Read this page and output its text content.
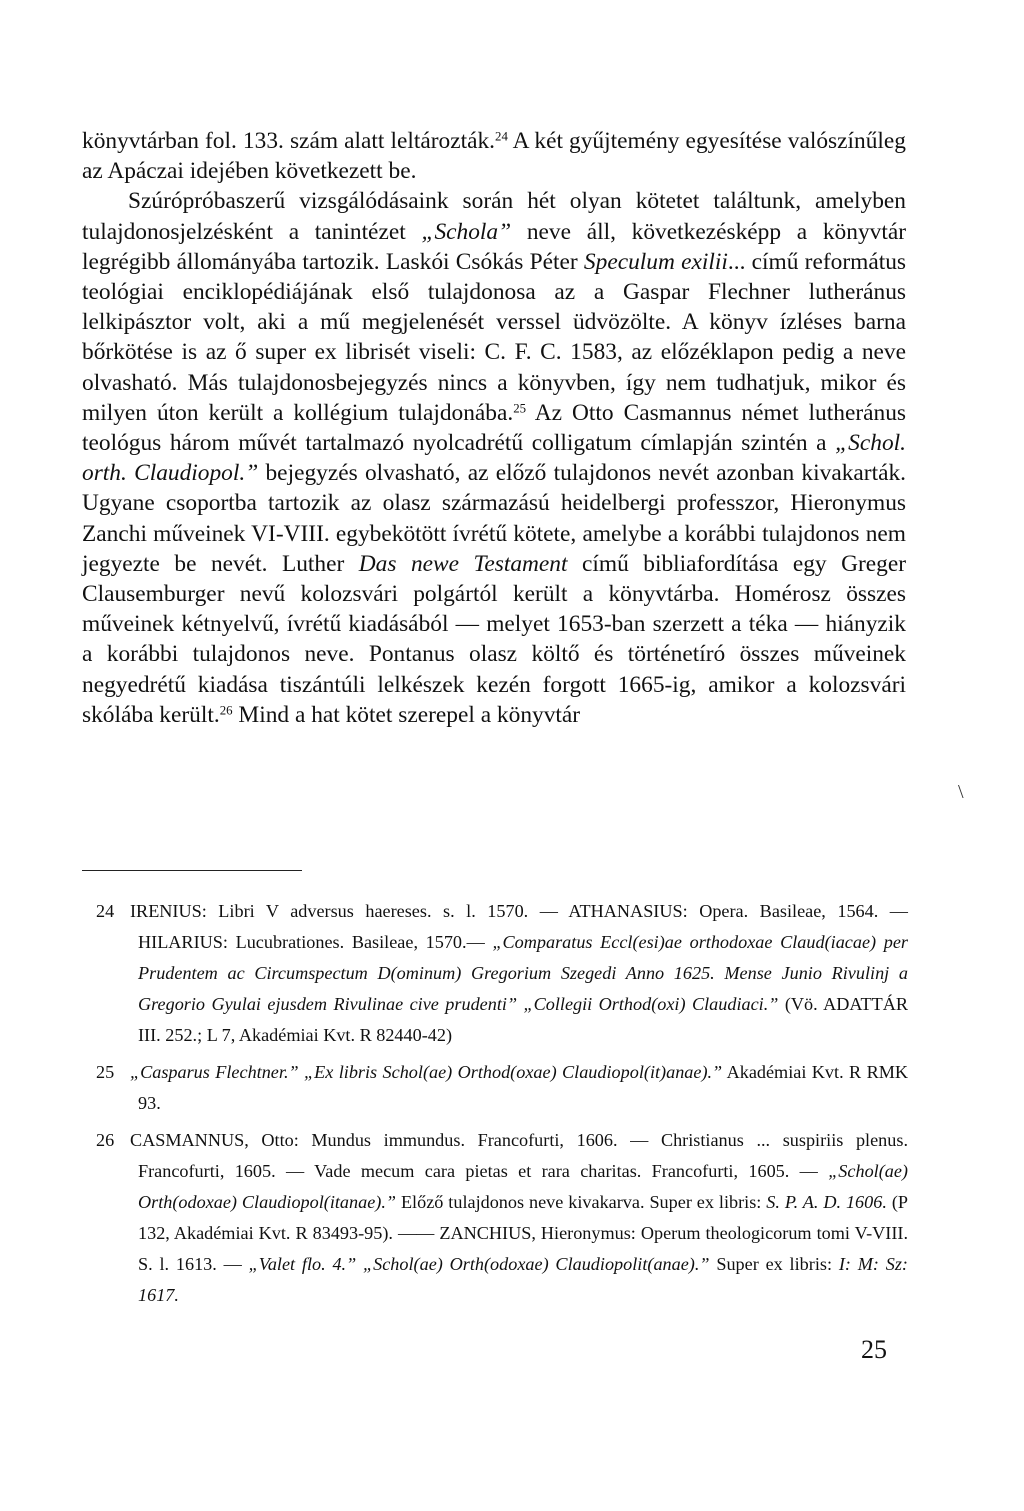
könyvtárban fol. 133. szám alatt leltározták.$^{24}$ A két gyűjtemény egyesítése valószínűleg az Apáczai idejében következett be.

Szúrópróbaszerű vizsgálódásaink során hét olyan kötetet találtunk, amelyben tulajdonosjelzésként a tanintézet „Schola” neve áll, következésképp a könyvtár legrégibb állományába tartozik. Laskói Csókás Péter Speculum exilii... című református teológiai enciklopédiájának első tulajdonosa az a Gaspar Flechner lutheránus lelkipásztor volt, aki a mű megjelenését verssel üdvözölte. A könyv ízléses barna bőrkötése is az ő super ex librisét viseli: C. F. C. 1583, az előzéklapon pedig a neve olvasható. Más tulajdonosbejegyzés nincs a könyvben, így nem tudhatjuk, mikor és milyen úton került a kollégium tulajdonába.$^{25}$ Az Otto Casmannus német lutheránus teológus három művét tartalmazó nyolcadrétű colligatum címlapján szintén a „Schol. orth. Claudiopol.” bejegyzés olvasható, az előző tulajdonos nevét azonban kivakarták. Ugyane csoportba tartozik az olasz származású heidelbergi professzor, Hieronymus Zanchi műveinek VI-VIII. egybekötött ívrétű kötete, amelybe a korábbi tulajdonos nem jegyezte be nevét. Luther Das newe Testament című bibliafordítása egy Greger Clausemburger nevű kolozsvári polgártól került a könyvtárba. Homérosz összes műveinek kétnyelvű, ívrétű kiadásából — melyet 1653-ban szerzett a téka — hiányzik a korábbi tulajdonos neve. Pontanus olasz költő és történetíró összes műveinek negyedrétű kiadása tiszántúli lelkészek kezén forgott 1665-ig, amikor a kolozsvári skólába került.$^{26}$ Mind a hat kötet szerepel a könyvtár

\

24 IRENIUS: Libri V adversus haereses. s. l. 1570. — ATHANASIUS: Opera. Basileae, 1564. — HILARIUS: Lucubrationes. Basileae, 1570.— „Comparatus Eccl(esi)ae orthodoxae Claud(iacae) per Prudentem ac Circumspectum D(ominum) Gregorium Szegedi Anno 1625. Mense Junio Rivulinj a Gregorio Gyulai ejusdem Rivulinae cive prudenti” „Collegii Orthod(oxi) Claudiaci.” (Vö. ADATTÁR III. 252.; L 7, Akadémiai Kvt. R 82440-42)

25 „Casparus Flechtner.” „Ex libris Schol(ae) Orthod(oxae) Claudiopol(it)anae).” Akadémiai Kvt. R RMK 93.

26 CASMANNUS, Otto: Mundus immundus. Francofurti, 1606. — Christianus ... suspiriis plenus. Francofurti, 1605. — Vade mecum cara pietas et rara charitas. Francofurti, 1605. — „Schol(ae) Orth(odoxae) Claudiopol(itanae).” Előző tulajdonos neve kivakarva. Super ex libris: S. P. A. D. 1606. (P 132, Akadémiai Kvt. R 83493-95). —— ZANCHIUS, Hieronymus: Operum theologicorum tomi V-VIII. S. l. 1613. — „Valet flo. 4.” „Schol(ae) Orth(odoxae) Claudiopolit(anae).” Super ex libris: I: M: Sz: 1617.

25
